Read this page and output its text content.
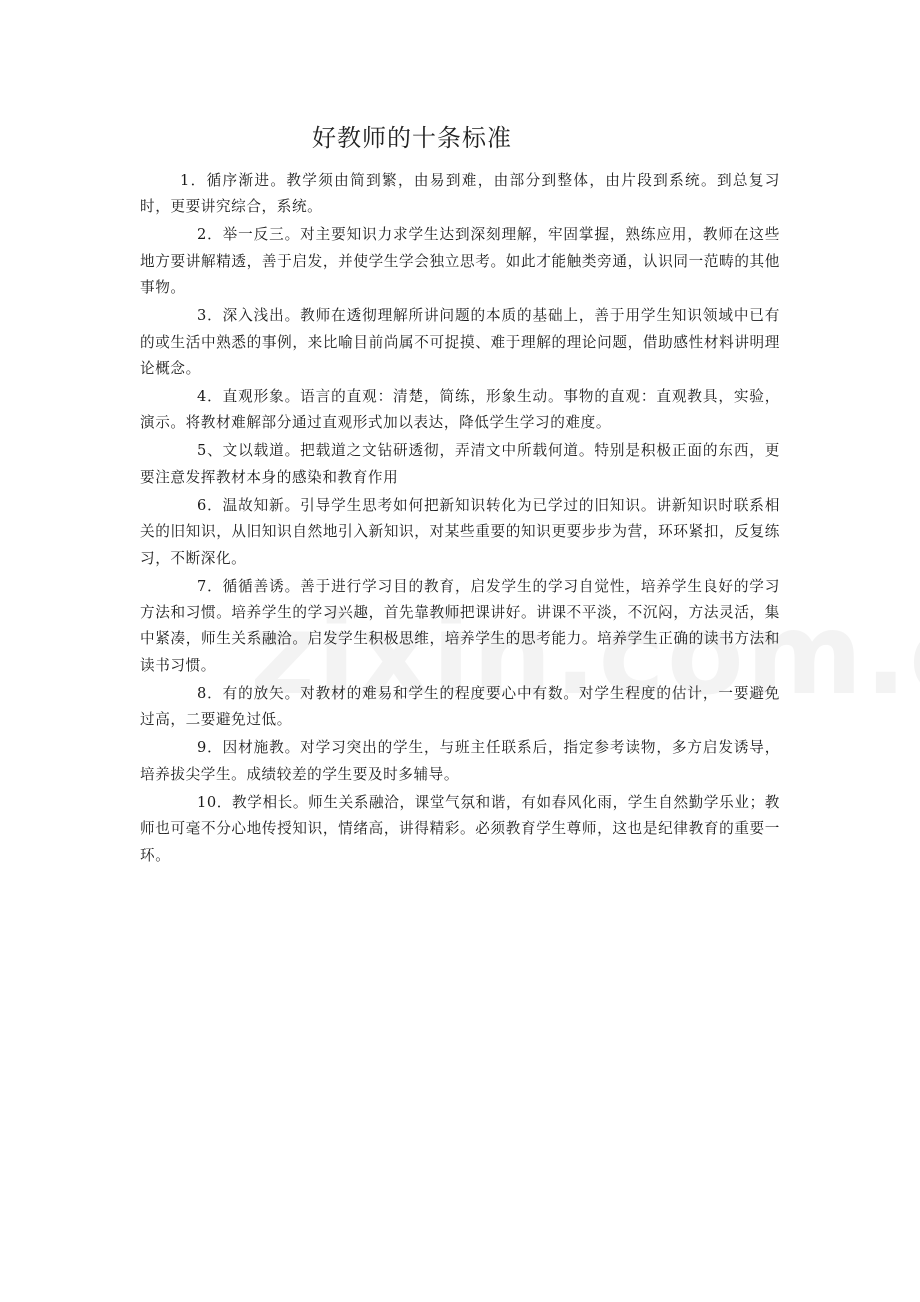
好教师的十条标准

1．循序渐进。教学须由简到繁，由易到难，由部分到整体，由片段到系统。到总复习时，更要讲究综合，系统。

2．举一反三。对主要知识力求学生达到深刻理解，牢固掌握，熟练应用，教师在这些地方要讲解精透，善于启发，并使学生学会独立思考。如此才能触类旁通，认识同一范畴的其他事物。

3．深入浅出。教师在透彻理解所讲问题的本质的基础上，善于用学生知识领域中已有的或生活中熟悉的事例，来比喻目前尚属不可捉摸、难于理解的理论问题，借助感性材料讲明理论概念。

4．直观形象。语言的直观：清楚，简练，形象生动。事物的直观：直观教具，实验，演示。将教材难解部分通过直观形式加以表达，降低学生学习的难度。

5、文以载道。把载道之文钻研透彻，弄清文中所载何道。特别是积极正面的东西，更要注意发挥教材本身的感染和教育作用

6．温故知新。引导学生思考如何把新知识转化为已学过的旧知识。讲新知识时联系相关的旧知识，从旧知识自然地引入新知识，对某些重要的知识更要步步为营，环环紧扣，反复练习，不断深化。

7．循循善诱。善于进行学习目的教育，启发学生的学习自觉性，培养学生良好的学习方法和习惯。培养学生的学习兴趣，首先靠教师把课讲好。讲课不平淡，不沉闷，方法灵活，集中紧凑，师生关系融洽。启发学生积极思维，培养学生的思考能力。培养学生正确的读书方法和读书习惯。

8．有的放矢。对教材的难易和学生的程度要心中有数。对学生程度的估计，一要避免过高，二要避免过低。

9．因材施教。对学习突出的学生，与班主任联系后，指定参考读物，多方启发诱导，培养拔尖学生。成绩较差的学生要及时多辅导。

10．教学相长。师生关系融洽，课堂气氛和谐，有如春风化雨，学生自然勤学乐业；教师也可毫不分心地传授知识，情绪高，讲得精彩。必须教育学生尊师，这也是纪律教育的重要一环。
